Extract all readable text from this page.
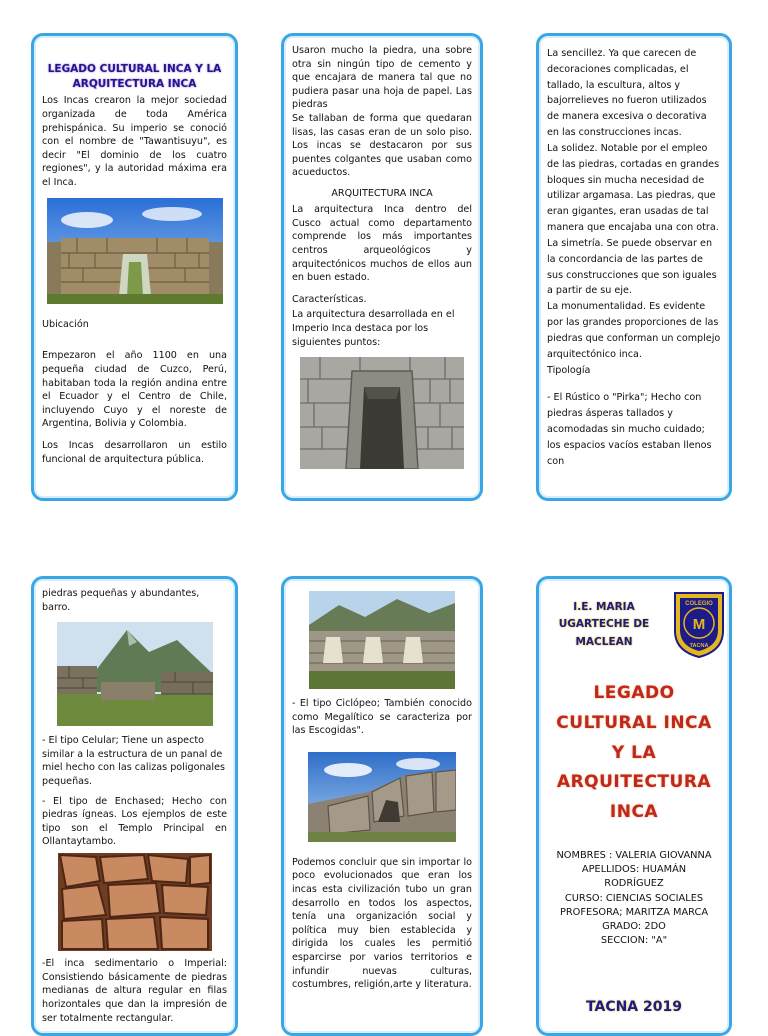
LEGADO CULTURAL INCA Y LA ARQUITECTURA INCA

Los Incas crearon la mejor sociedad organizada de toda América prehispánica. Su imperio se conoció con el nombre de "Tawantisuyu", es decir "El dominio de los cuatro regiones", y la autoridad máxima era el Inca.

Ubicación

Empezaron el año 1100 en una pequeña ciudad de Cuzco, Perú, habitaban toda la región andina entre el Ecuador y el Centro de Chile, incluyendo Cuyo y el noreste de Argentina, Bolivia y Colombia.

Los Incas desarrollaron un estilo funcional de arquitectura pública.

Usaron mucho la piedra, una sobre otra sin ningún tipo de cemento y que encajara de manera tal que no pudiera pasar una hoja de papel. Las piedras

Se tallaban de forma que quedaran lisas, las casas eran de un solo piso. Los incas se destacaron por sus puentes colgantes que usaban como acueductos.

ARQUITECTURA INCA

La arquitectura Inca dentro del Cusco actual como departamento comprende los más importantes centros arqueológicos y arquitectónicos muchos de ellos aun en buen estado.

Características.

La arquitectura desarrollada en el Imperio Inca destaca por los siguientes puntos:

La sencillez. Ya que carecen de decoraciones complicadas, el tallado, la escultura, altos y bajorrelieves no fueron utilizados de manera excesiva o decorativa en las construcciones incas.

La solidez. Notable por el empleo de las piedras, cortadas en grandes bloques sin mucha necesidad de utilizar argamasa. Las piedras, que eran gigantes, eran usadas de tal manera que encajaba una con otra.

La simetría. Se puede observar en la concordancia de las partes de sus construcciones que son iguales a partir de su eje.

La monumentalidad. Es evidente por las grandes proporciones de las piedras que conforman un complejo arquitectónico inca.

Tipología

- El Rústico o "Pirka"; Hecho con piedras ásperas tallados y acomodadas sin mucho cuidado; los espacios vacíos estaban llenos con

piedras pequeñas y abundantes, barro.

- El tipo Celular; Tiene un aspecto similar a la estructura de un panal de miel hecho con las calizas poligonales pequeñas.

- El tipo de Enchased; Hecho con piedras ígneas. Los ejemplos de este tipo son el Templo Principal en Ollantaytambo.

-El inca sedimentario o Imperial: Consistiendo básicamente de piedras medianas de altura regular en filas horizontales que dan la impresión de ser totalmente rectangular.

- El tipo Ciclópeo; También conocido como Megalítico se caracteriza por las Escogidas".

Podemos concluir que sin importar lo poco evolucionados que eran los incas esta civilización tubo un gran desarrollo en todos los aspectos, tenía una organización social y política muy bien establecida y dirigida los cuales les permitió esparcirse por varios territorios e infundir nuevas culturas, costumbres, religión,arte y literatura.

I.E. MARIA
UGARTECHE DE
MACLEAN
M
COLEGIO
TACNA
LEGADO
CULTURAL INCA
Y LA
ARQUITECTURA
INCA
NOMBRES : VALERIA GIOVANNA
APELLIDOS: HUAMÁN
RODRÍGUEZ
CURSO: CIENCIAS SOCIALES
PROFESORA; MARITZA MARCA
GRADO: 2DO
SECCION: "A"
TACNA 2019
